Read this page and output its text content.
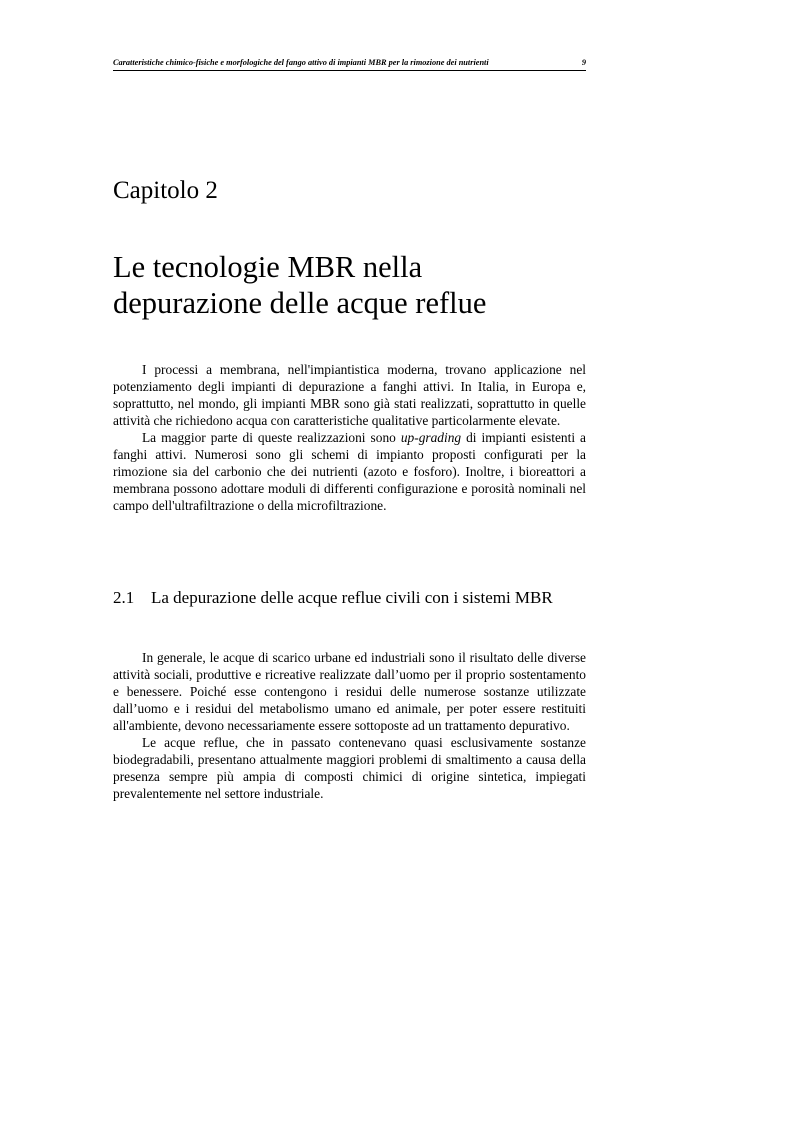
Caratteristiche chimico-fisiche e morfologiche del fango attivo di impianti MBR per la rimozione dei nutrienti	9
Capitolo 2
Le tecnologie MBR nella
depurazione delle acque reflue

I processi a membrana, nell'impiantistica moderna, trovano applicazione nel potenziamento degli impianti di depurazione a fanghi attivi. In Italia, in Europa e, soprattutto, nel mondo, gli impianti MBR sono già stati realizzati, soprattutto in quelle attività che richiedono acqua con caratteristiche qualitative particolarmente elevate.

La maggior parte di queste realizzazioni sono up-grading di impianti esistenti a fanghi attivi. Numerosi sono gli schemi di impianto proposti configurati per la rimozione sia del carbonio che dei nutrienti (azoto e fosforo). Inoltre, i bioreattori a membrana possono adottare moduli di differenti configurazione e porosità nominali nel campo dell'ultrafiltrazione o della microfiltrazione.

2.1 La depurazione delle acque reflue civili con i sistemi MBR

In generale, le acque di scarico urbane ed industriali sono il risultato delle diverse attività sociali, produttive e ricreative realizzate dall’uomo per il proprio sostentamento e benessere. Poiché esse contengono i residui delle numerose sostanze utilizzate dall’uomo e i residui del metabolismo umano ed animale, per poter essere restituiti all'ambiente, devono necessariamente essere sottoposte ad un trattamento depurativo.

Le acque reflue, che in passato contenevano quasi esclusivamente sostanze biodegradabili, presentano attualmente maggiori problemi di smaltimento a causa della presenza sempre più ampia di composti chimici di origine sintetica, impiegati prevalentemente nel settore industriale.
